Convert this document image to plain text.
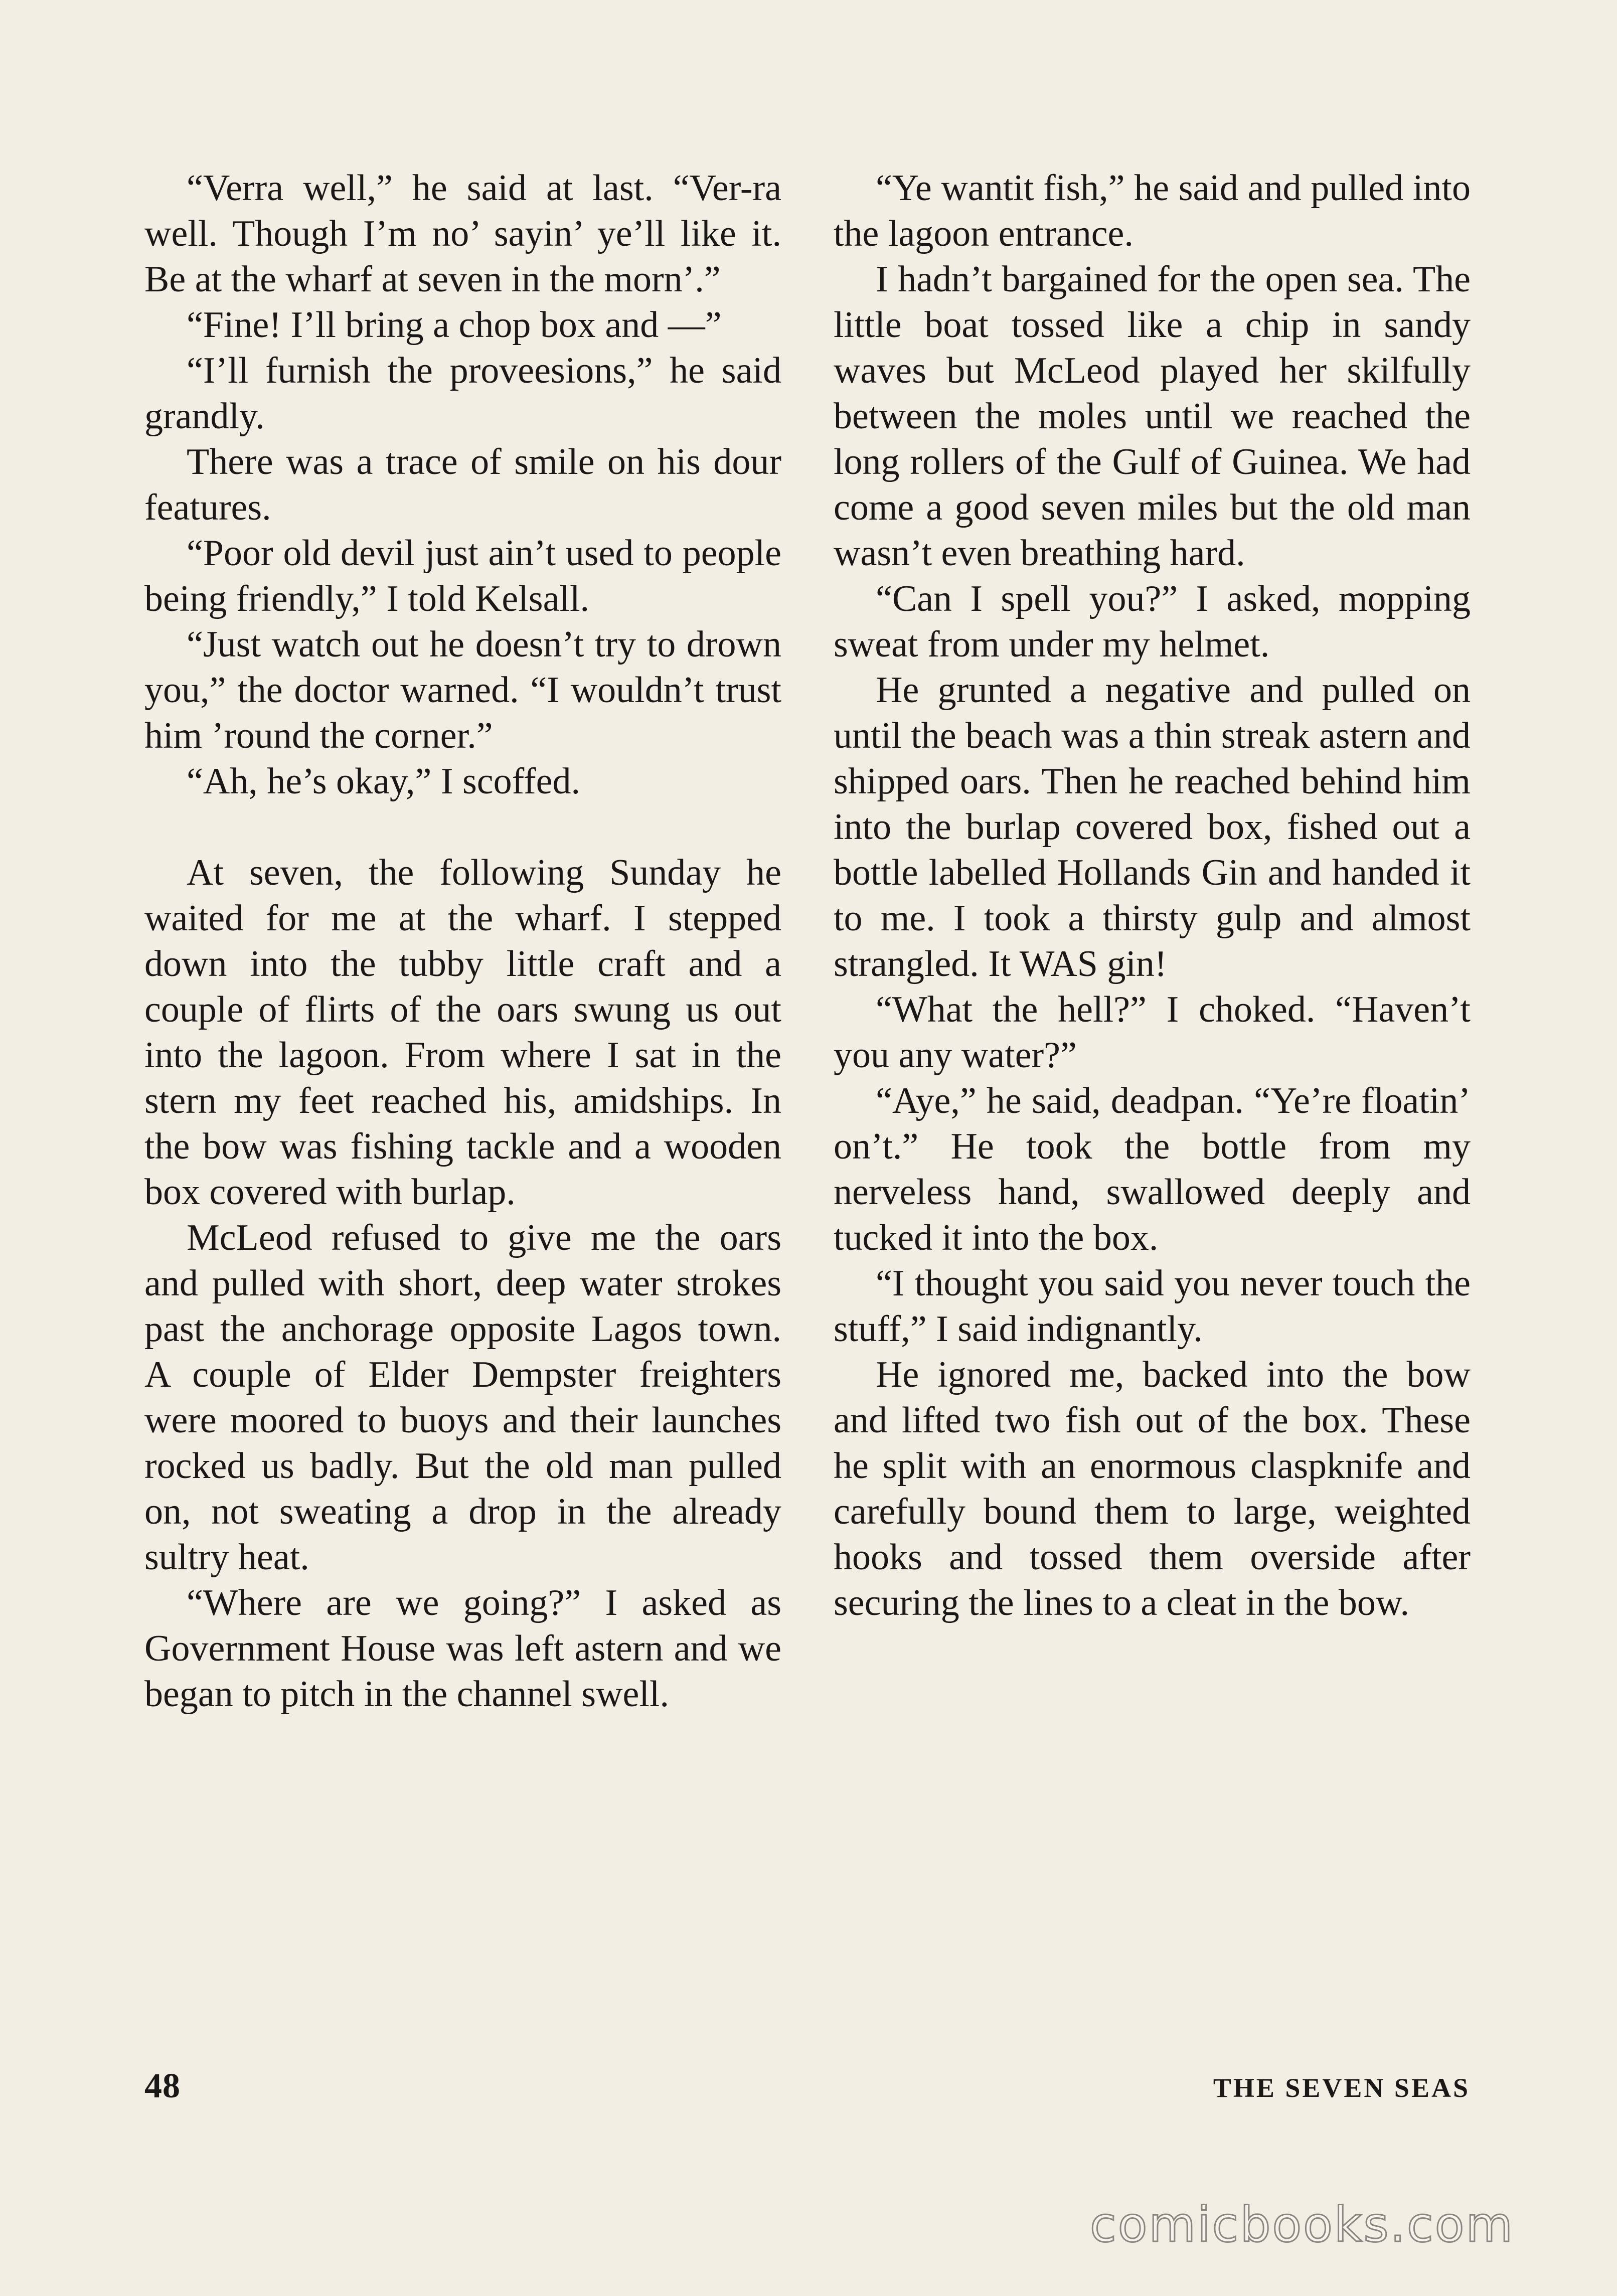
“Verra well,” he said at last. “Ver-ra well. Though I’m no’ sayin’ ye’ll like it. Be at the wharf at seven in the morn’.”

“Fine! I’ll bring a chop box and —”

“I’ll furnish the proveesions,” he said grandly.

There was a trace of smile on his dour features.

“Poor old devil just ain’t used to people being friendly,” I told Kelsall.

“Just watch out he doesn’t try to drown you,” the doctor warned. “I wouldn’t trust him ’round the corner.”

“Ah, he’s okay,” I scoffed.

At seven, the following Sunday he waited for me at the wharf. I stepped down into the tubby little craft and a couple of flirts of the oars swung us out into the lagoon. From where I sat in the stern my feet reached his, amidships. In the bow was fishing tackle and a wooden box covered with burlap.

McLeod refused to give me the oars and pulled with short, deep water strokes past the anchorage opposite Lagos town. A couple of Elder Dempster freighters were moored to buoys and their launches rocked us badly. But the old man pulled on, not sweating a drop in the already sultry heat.

“Where are we going?” I asked as Government House was left astern and we began to pitch in the channel swell.

“Ye wantit fish,” he said and pulled into the lagoon entrance.

I hadn’t bargained for the open sea. The little boat tossed like a chip in sandy waves but McLeod played her skilfully between the moles until we reached the long rollers of the Gulf of Guinea. We had come a good seven miles but the old man wasn’t even breathing hard.

“Can I spell you?” I asked, mopping sweat from under my helmet.

He grunted a negative and pulled on until the beach was a thin streak astern and shipped oars. Then he reached behind him into the burlap covered box, fished out a bottle labelled Hollands Gin and handed it to me. I took a thirsty gulp and almost strangled. It WAS gin!

“What the hell?” I choked. “Haven’t you any water?”

“Aye,” he said, deadpan. “Ye’re floatin’ on’t.” He took the bottle from my nerveless hand, swallowed deeply and tucked it into the box.

“I thought you said you never touch the stuff,” I said indignantly.

He ignored me, backed into the bow and lifted two fish out of the box. These he split with an enormous claspknife and carefully bound them to large, weighted hooks and tossed them overside after securing the lines to a cleat in the bow.

48	THE SEVEN SEAS
comicbooks.com
